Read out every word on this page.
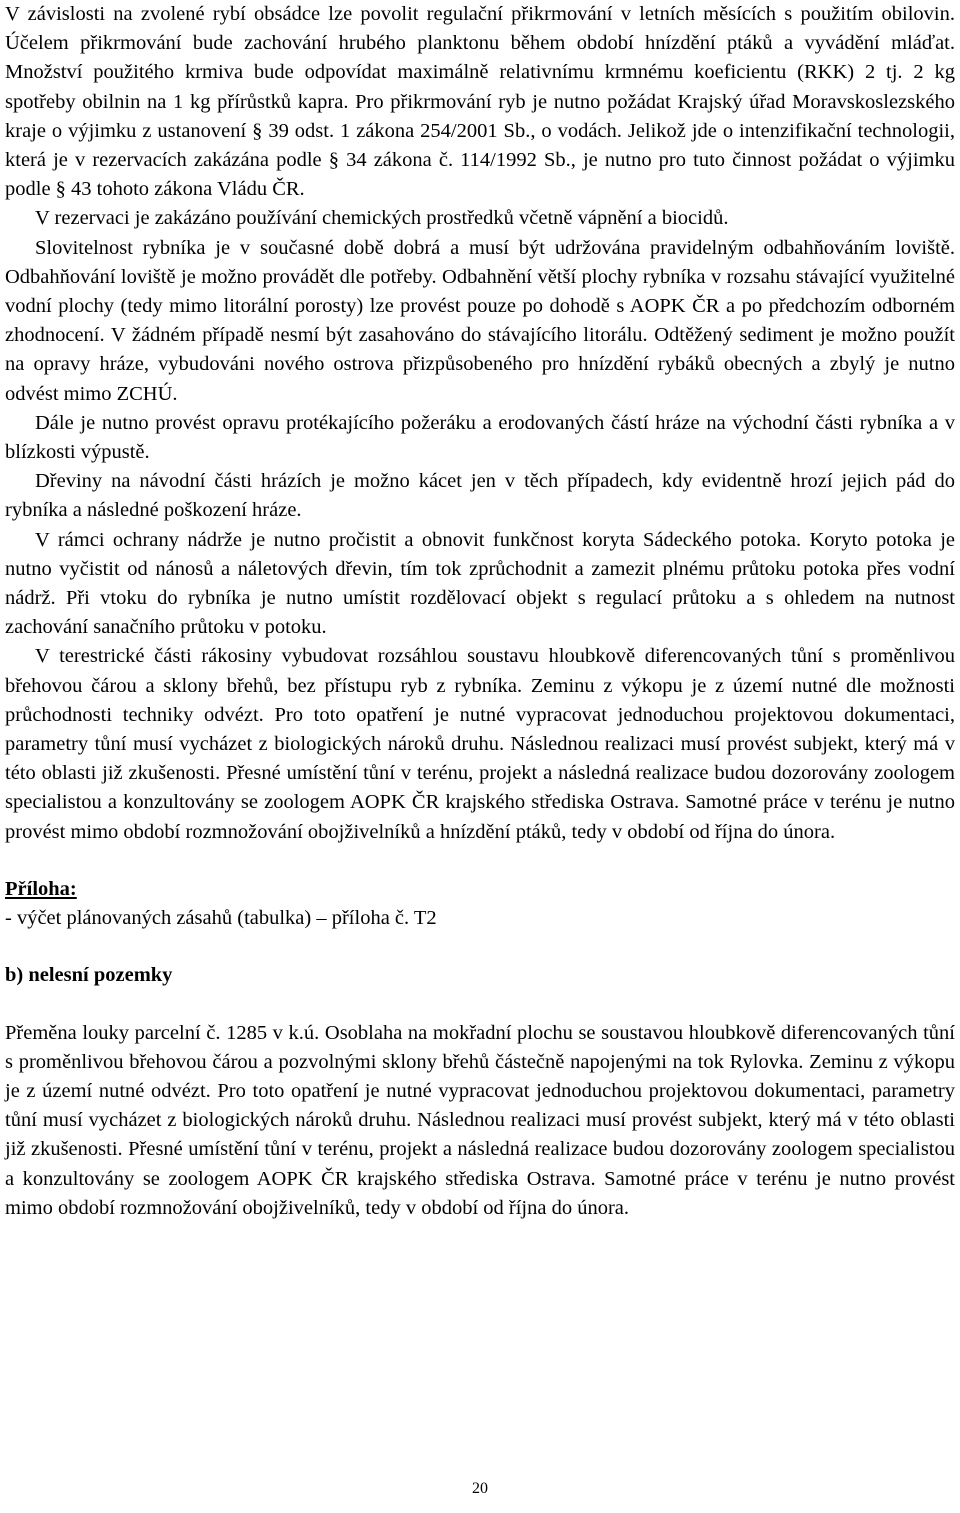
V závislosti na zvolené rybí obsádce lze povolit regulační přikrmování v letních měsících s použitím obilovin. Účelem přikrmování bude zachování hrubého planktonu během období hnízdění ptáků a vyvádění mláďat. Množství použitého krmiva bude odpovídat maximálně relativnímu krmnému koeficientu (RKK) 2 tj. 2 kg spotřeby obilnin na 1 kg přírůstků kapra. Pro přikrmování ryb je nutno požádat Krajský úřad Moravskoslezského kraje o výjimku z ustanovení § 39 odst. 1 zákona 254/2001 Sb., o vodách. Jelikož jde o intenzifikační technologii, která je v rezervacích zakázána podle § 34 zákona č. 114/1992 Sb., je nutno pro tuto činnost požádat o výjimku podle § 43 tohoto zákona Vládu ČR.

V rezervaci je zakázáno používání chemických prostředků včetně vápnění a biocidů.

Slovitelnost rybníka je v současné době dobrá a musí být udržována pravidelným odbahňováním loviště. Odbahňování loviště je možno provádět dle potřeby. Odbahnění větší plochy rybníka v rozsahu stávající využitelné vodní plochy (tedy mimo litorální porosty) lze provést pouze po dohodě s AOPK ČR a po předchozím odborném zhodnocení. V žádném případě nesmí být zasahováno do stávajícího litorálu. Odtěžený sediment je možno použít na opravy hráze, vybudováni nového ostrova přizpůsobeného pro hnízdění rybáků obecných a zbylý je nutno odvést mimo ZCHÚ.

Dále je nutno provést opravu protékajícího požeráku a erodovaných částí hráze na východní části rybníka a v blízkosti výpustě.

Dřeviny na návodní části hrázích je možno kácet jen v těch případech, kdy evidentně hrozí jejich pád do rybníka a následné poškození hráze.

V rámci ochrany nádrže je nutno pročistit a obnovit funkčnost koryta Sádeckého potoka. Koryto potoka je nutno vyčistit od nánosů a náletových dřevin, tím tok zprůchodnit a zamezit plnému průtoku potoka přes vodní nádrž. Při vtoku do rybníka je nutno umístit rozdělovací objekt s regulací průtoku a s ohledem na nutnost zachování sanačního průtoku v potoku.

V terestrické části rákosiny vybudovat rozsáhlou soustavu hloubkově diferencovaných tůní s proměnlivou břehovou čárou a sklony břehů, bez přístupu ryb z rybníka. Zeminu z výkopu je z území nutné dle možnosti průchodnosti techniky odvézt. Pro toto opatření je nutné vypracovat jednoduchou projektovou dokumentaci, parametry tůní musí vycházet z biologických nároků druhu. Následnou realizaci musí provést subjekt, který má v této oblasti již zkušenosti. Přesné umístění tůní v terénu, projekt a následná realizace budou dozorovány zoologem specialistou a konzultovány se zoologem AOPK ČR krajského střediska Ostrava. Samotné práce v terénu je nutno provést mimo období rozmnožování obojživelníků a hnízdění ptáků, tedy v období od října do února.

Příloha:

- výčet plánovaných zásahů (tabulka) – příloha č. T2

b) nelesní pozemky

Přeměna louky parcelní č. 1285 v k.ú. Osoblaha na mokřadní plochu se soustavou hloubkově diferencovaných tůní s proměnlivou břehovou čárou a pozvolnými sklony břehů částečně napojenými na tok Rylovka. Zeminu z výkopu je z území nutné odvézt. Pro toto opatření je nutné vypracovat jednoduchou projektovou dokumentaci, parametry tůní musí vycházet z biologických nároků druhu. Následnou realizaci musí provést subjekt, který má v této oblasti již zkušenosti. Přesné umístění tůní v terénu, projekt a následná realizace budou dozorovány zoologem specialistou a konzultovány se zoologem AOPK ČR krajského střediska Ostrava. Samotné práce v terénu je nutno provést mimo období rozmnožování obojživelníků, tedy v období od října do února.

20
